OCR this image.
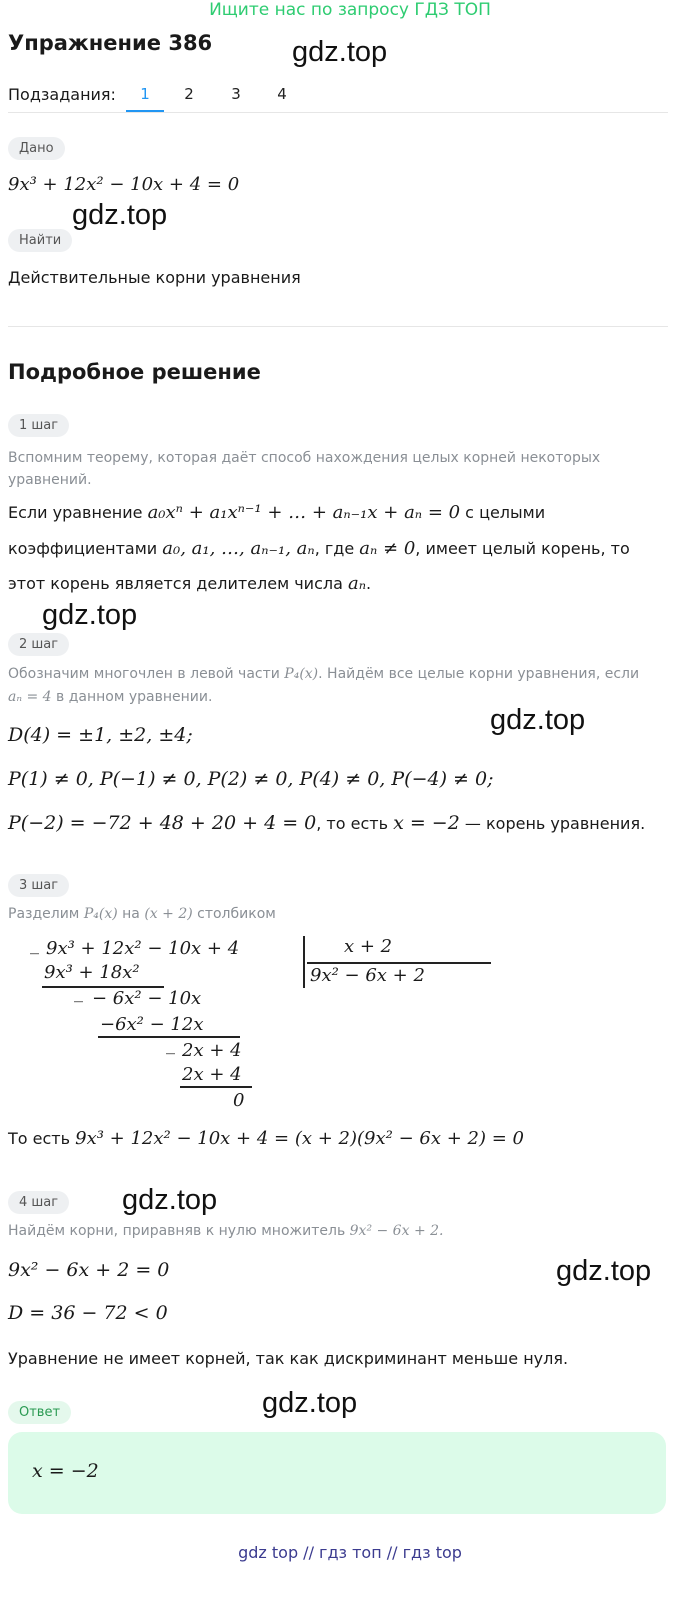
Ищите нас по запросу ГДЗ ТОП
Упражнение 386	gdz.top
gdz.top
gdz.top
gdz.top
gdz.top
gdz.top
gdz.top
Подзадания:	1	2	3	4
Дано
9x³ + 12x² − 10x + 4 = 0
Найти
Действительные корни уравнения
Подробное решение
1 шаг
Вспомним теорему, которая даёт способ нахождения целых корней некоторых уравнений.
Если уравнение a₀xⁿ + a₁xⁿ⁻¹ + … + aₙ₋₁x + aₙ = 0 с целыми
коэффициентами a₀, a₁, …, aₙ₋₁, aₙ, где aₙ ≠ 0, имеет целый корень, то
этот корень является делителем числа aₙ.
2 шаг
Обозначим многочлен в левой части P₄(x). Найдём все целые корни уравнения, если
aₙ = 4 в данном уравнении.
D(4) = ±1, ±2, ±4;
P(1) ≠ 0, P(−1) ≠ 0, P(2) ≠ 0, P(4) ≠ 0, P(−4) ≠ 0;
P(−2) = −72 + 48 + 20 + 4 = 0, то есть x = −2 — корень уравнения.
3 шаг
Разделим P₄(x) на (x + 2) столбиком
_ 9x³ + 12x² − 10x + 4	x + 2
9x² − 6x + 2
9x³ + 18x²
_ − 6x² − 10x
−6x² − 12x
_ 2x + 4
2x + 4
0
То есть 9x³ + 12x² − 10x + 4 = (x + 2)(9x² − 6x + 2) = 0
4 шаг
Найдём корни, приравняв к нулю множитель 9x² − 6x + 2.
9x² − 6x + 2 = 0
D = 36 − 72 < 0
Уравнение не имеет корней, так как дискриминант меньше нуля.
Ответ
x = −2
gdz top // гдз топ // гдз top
